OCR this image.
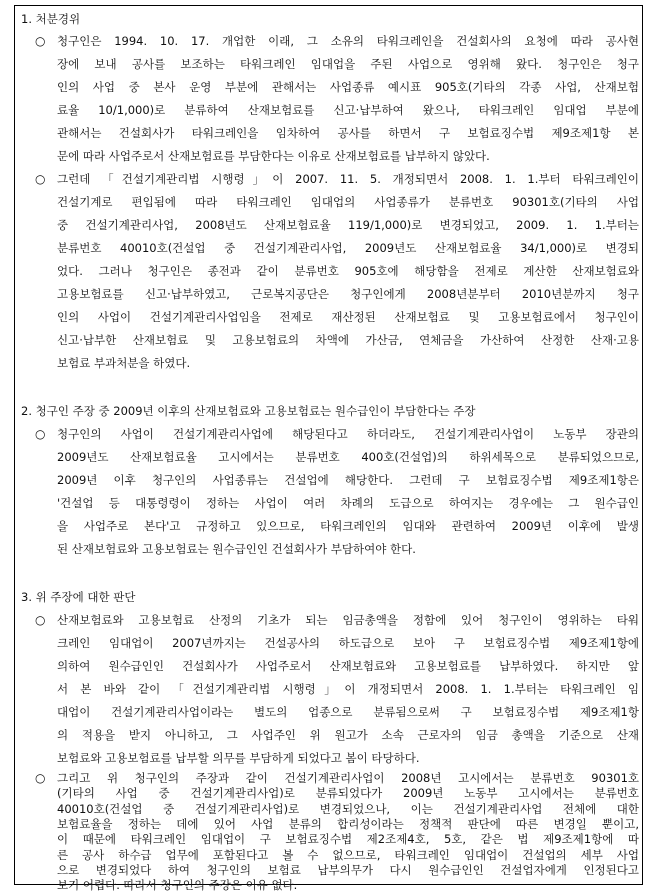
1. 처분경위
○ 청구인은 1994. 10. 17. 개업한 이래, 그 소유의 타워크레인을 건설회사의 요청에 따라 공사현
장에 보내 공사를 보조하는 타워크레인 임대업을 주된 사업으로 영위해 왔다. 청구인은 청구
인의 사업 중 본사 운영 부분에 관해서는 사업종류 예시표 905호(기타의 각종 사업, 산재보험
료율 10/1,000)로 분류하여 산재보험료를 신고·납부하여 왔으나, 타워크레인 임대업 부분에
관해서는 건설회사가 타워크레인을 임차하여 공사를 하면서 구 보험료징수법 제9조제1항 본
문에 따라 사업주로서 산재보험료를 부담한다는 이유로 산재보험료를 납부하지 않았다.
○ 그런데 「건설기계관리법 시행령」이 2007. 11. 5. 개정되면서 2008. 1. 1.부터 타워크레인이
건설기계로 편입됨에 따라 타워크레인 임대업의 사업종류가 분류번호 90301호(기타의 사업
중 건설기계관리사업, 2008년도 산재보험료율 119/1,000)로 변경되었고, 2009. 1. 1.부터는
분류번호 40010호(건설업 중 건설기계관리사업, 2009년도 산재보험료율 34/1,000)로 변경되
었다. 그러나 청구인은 종전과 같이 분류번호 905호에 해당함을 전제로 계산한 산재보험료와
고용보험료를 신고·납부하였고, 근로복지공단은 청구인에게 2008년분부터 2010년분까지 청구
인의 사업이 건설기계관리사업임을 전제로 재산정된 산재보험료 및 고용보험료에서 청구인이
신고·납부한 산재보험료 및 고용보험료의 차액에 가산금, 연체금을 가산하여 산정한 산재·고용
보험료 부과처분을 하였다.
2. 청구인 주장 중 2009년 이후의 산재보험료와 고용보험료는 원수급인이 부담한다는 주장
○ 청구인의 사업이 건설기계관리사업에 해당된다고 하더라도, 건설기계관리사업이 노동부 장관의
2009년도 산재보험료율 고시에서는 분류번호 400호(건설업)의 하위세목으로 분류되었으므로,
2009년 이후 청구인의 사업종류는 건설업에 해당한다. 그런데 구 보험료징수법 제9조제1항은
'건설업 등 대통령령이 정하는 사업이 여러 차례의 도급으로 하여지는 경우에는 그 원수급인
을 사업주로 본다'고 규정하고 있으므로, 타워크레인의 임대와 관련하여 2009년 이후에 발생
된 산재보험료와 고용보험료는 원수급인인 건설회사가 부담하여야 한다.
3. 위 주장에 대한 판단
○ 산재보험료와 고용보험료 산정의 기초가 되는 임금총액을 정함에 있어 청구인이 영위하는 타워
크레인 임대업이 2007년까지는 건설공사의 하도급으로 보아 구 보험료징수법 제9조제1항에
의하여 원수급인인 건설회사가 사업주로서 산재보험료와 고용보험료를 납부하였다. 하지만 앞
서 본 바와 같이 「건설기계관리법 시행령」이 개정되면서 2008. 1. 1.부터는 타워크레인 임
대업이 건설기계관리사업이라는 별도의 업종으로 분류됨으로써 구 보험료징수법 제9조제1항
의 적용을 받지 아니하고, 그 사업주인 위 원고가 소속 근로자의 임금 총액을 기준으로 산재
보험료와 고용보험료를 납부할 의무를 부담하게 되었다고 봄이 타당하다.
○ 그리고 위 청구인의 주장과 같이 건설기계관리사업이 2008년 고시에서는 분류번호 90301호
(기타의 사업 중 건설기계관리사업)로 분류되었다가 2009년 노동부 고시에서는 분류번호
40010호(건설업 중 건설기계관리사업)로 변경되었으나, 이는 건설기계관리사업 전체에 대한
보험료율을 정하는 데에 있어 사업 분류의 합리성이라는 정책적 판단에 따른 변경일 뿐이고,
이 때문에 타워크레인 임대업이 구 보험료징수법 제2조제4호, 5호, 같은 법 제9조제1항에 따
른 공사 하수급 업무에 포함된다고 볼 수 없으므로, 타워크레인 임대업이 건설업의 세부 사업
으로 변경되었다 하여 청구인의 보험료 납부의무가 다시 원수급인인 건설업자에게 인정된다고
보기 어렵다. 따라서 청구인의 주장은 이유 없다.
